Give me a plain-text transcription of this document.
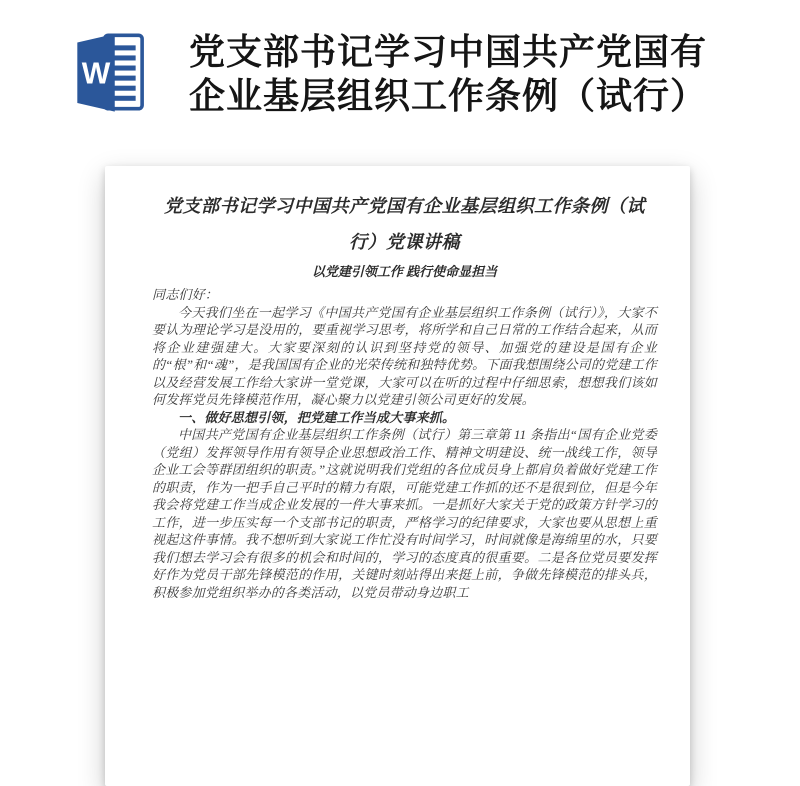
W
党支部书记学习中国共产党国有
企业基层组织工作条例（试行）
党支部书记学习中国共产党国有企业基层组织工作条例（试
行）党课讲稿
以党建引领工作 践行使命显担当

同志们好：

今天我们坐在一起学习《中国共产党国有企业基层组织工作条例（试行）》，大家不要认为理论学习是没用的，要重视学习思考，将所学和自己日常的工作结合起来，从而将企业建强建大。大家要深刻的认识到坚持党的领导、加强党的建设是国有企业的“根”和“魂”，是我国国有企业的光荣传统和独特优势。下面我想围绕公司的党建工作以及经营发展工作给大家讲一堂党课，大家可以在听的过程中仔细思索，想想我们该如何发挥党员先锋模范作用，凝心聚力以党建引领公司更好的发展。

一、做好思想引领，把党建工作当成大事来抓。

中国共产党国有企业基层组织工作条例（试行）第三章第 11 条指出“国有企业党委（党组）发挥领导作用有领导企业思想政治工作、精神文明建设、统一战线工作，领导企业工会等群团组织的职责。”这就说明我们党组的各位成员身上都肩负着做好党建工作的职责，作为一把手自己平时的精力有限，可能党建工作抓的还不是很到位，但是今年我会将党建工作当成企业发展的一件大事来抓。一是抓好大家关于党的政策方针学习的工作，进一步压实每一个支部书记的职责，严格学习的纪律要求，大家也要从思想上重视起这件事情。我不想听到大家说工作忙没有时间学习，时间就像是海绵里的水，只要我们想去学习会有很多的机会和时间的，学习的态度真的很重要。二是各位党员要发挥好作为党员干部先锋模范的作用，关键时刻站得出来挺上前，争做先锋模范的排头兵，积极参加党组织举办的各类活动，以党员带动身边职工
